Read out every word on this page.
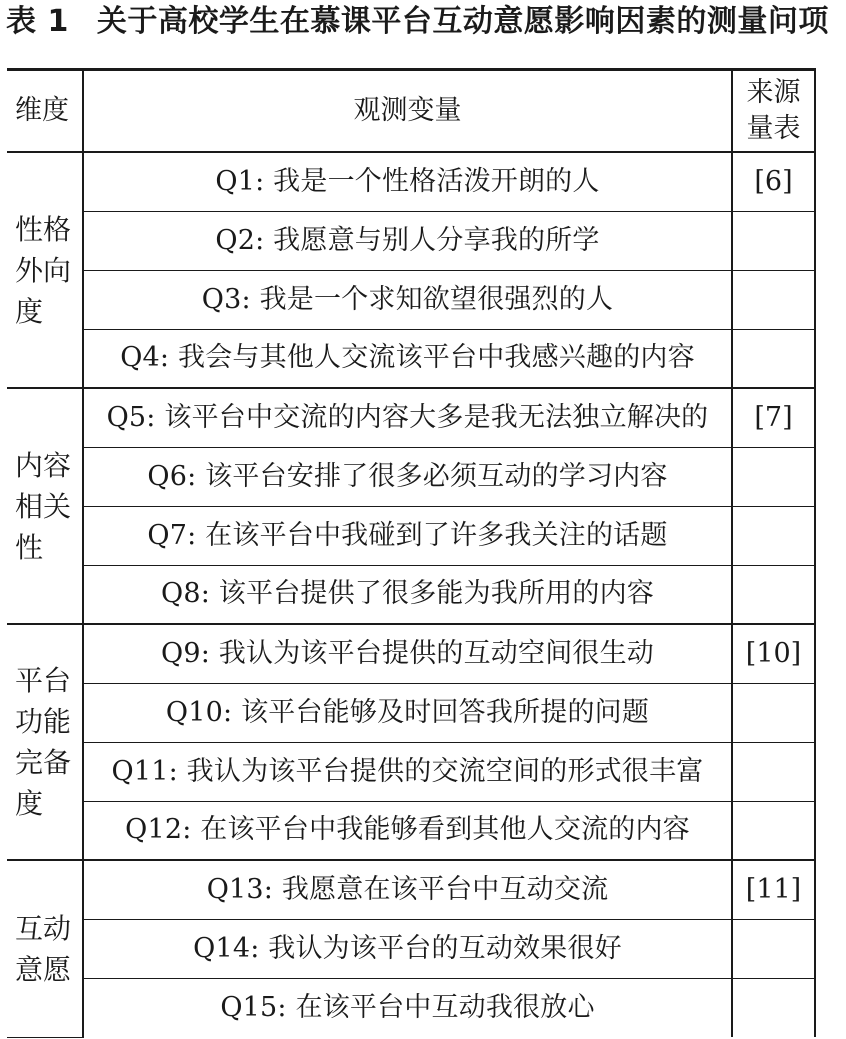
表 1 关于高校学生在慕课平台互动意愿影响因素的测量问项
维度	观测变量	来源量表

性格外向度	Q1: 我是一个性格活泼开朗的人	[6]
	Q2: 我愿意与别人分享我的所学	
	Q3: 我是一个求知欲望很强烈的人	
	Q4: 我会与其他人交流该平台中我感兴趣的内容	

内容相关性	Q5: 该平台中交流的内容大多是我无法独立解决的	[7]
	Q6: 该平台安排了很多必须互动的学习内容	
	Q7: 在该平台中我碰到了许多我关注的话题	
	Q8: 该平台提供了很多能为我所用的内容	

平台功能完备度	Q9: 我认为该平台提供的互动空间很生动	[10]
	Q10: 该平台能够及时回答我所提的问题	
	Q11: 我认为该平台提供的交流空间的形式很丰富	
	Q12: 在该平台中我能够看到其他人交流的内容	

互动意愿	Q13: 我愿意在该平台中互动交流	[11]
	Q14: 我认为该平台的互动效果很好	
	Q15: 在该平台中互动我很放心	
